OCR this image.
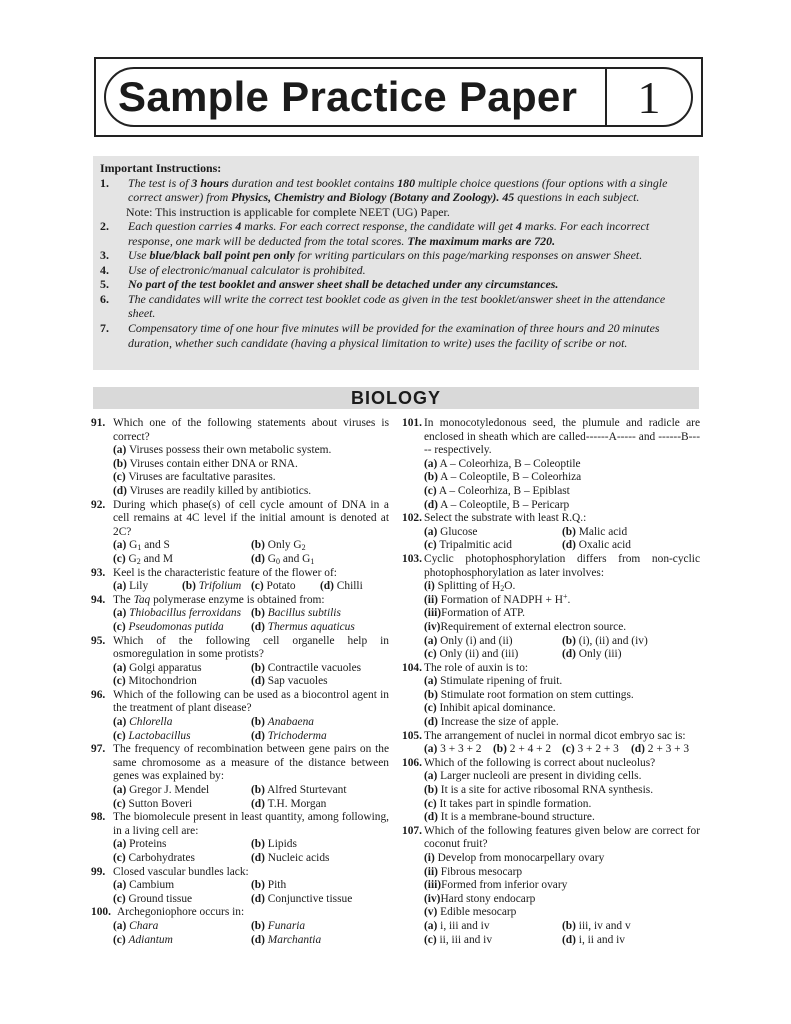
Sample Practice Paper	1
Important Instructions:
1.	The test is of 3 hours duration and test booklet contains 180 multiple choice questions (four options with a single correct answer) from Physics, Chemistry and Biology (Botany and Zoology). 45 questions in each subject.
Note: This instruction is applicable for complete NEET (UG) Paper.
2.	Each question carries 4 marks. For each correct response, the candidate will get 4 marks. For each incorrect response, one mark will be deducted from the total scores. The maximum marks are 720.
3.	Use blue/black ball point pen only for writing particulars on this page/marking responses on answer Sheet.
4.	Use of electronic/manual calculator is prohibited.
5.	No part of the test booklet and answer sheet shall be detached under any circumstances.
6.	The candidates will write the correct test booklet code as given in the test booklet/answer sheet in the attendance sheet.
7.	Compensatory time of one hour five minutes will be provided for the examination of three hours and 20 minutes duration, whether such candidate (having a physical limitation to write) uses the facility of scribe or not.
BIOLOGY
91. Which one of the following statements about viruses is correct?
(a) Viruses possess their own metabolic system.
(b) Viruses contain either DNA or RNA.
(c) Viruses are facultative parasites.
(d) Viruses are readily killed by antibiotics.
92. During which phase(s) of cell cycle amount of DNA in a cell remains at 4C level if the initial amount is denoted at 2C?
(a) $G_1$ and S	(b) Only $G_2$
(c) $G_2$ and M	(d) $G_0$ and $G_1$
93. Keel is the characteristic feature of the flower of:
(a) Lily	(b) Trifolium (c) Potato	(d) Chilli
94. The Taq polymerase enzyme is obtained from:
(a) Thiobacillus ferroxidans (b) Bacillus subtilis
(c) Pseudomonas putida	(d) Thermus aquaticus
95. Which of the following cell organelle help in osmoregulation in some protists?
(a) Golgi apparatus	(b) Contractile vacuoles
(c) Mitochondrion	(d) Sap vacuoles
96. Which of the following can be used as a biocontrol agent in the treatment of plant disease?
(a) Chlorella	(b) Anabaena
(c) Lactobacillus	(d) Trichoderma
97. The frequency of recombination between gene pairs on the same chromosome as a measure of the distance between genes was explained by:
(a) Gregor J. Mendel	(b) Alfred Sturtevant
(c) Sutton Boveri	(d) T.H. Morgan
98. The biomolecule present in least quantity, among following, in a living cell are:
(a) Proteins	(b) Lipids
(c) Carbohydrates	(d) Nucleic acids
99. Closed vascular bundles lack:
(a) Cambium	(b) Pith
(c) Ground tissue	(d) Conjunctive tissue
100. Archegoniophore occurs in:
(a) Chara	(b) Funaria
(c) Adiantum	(d) Marchantia
101. In monocotyledonous seed, the plumule and radicle are enclosed in sheath which are called------A----- and ------B----- respectively.
(a) A – Coleorhiza, B – Coleoptile
(b) A – Coleoptile, B – Coleorhiza
(c) A – Coleorhiza, B – Epiblast
(d) A – Coleoptile, B – Pericarp
102. Select the substrate with least R.Q.:
(a) Glucose	(b) Malic acid
(c) Tripalmitic acid	(d) Oxalic acid
103. Cyclic photophosphorylation differs from non-cyclic photophosphorylation as later involves:
(i) Splitting of $H_2O$.
(ii) Formation of NADPH + H+.
(iii)Formation of ATP.
(iv)Requirement of external electron source.
(a) Only (i) and (ii)	(b) (i), (ii) and (iv)
(c) Only (ii) and (iii)	(d) Only (iii)
104. The role of auxin is to:
(a) Stimulate ripening of fruit.
(b) Stimulate root formation on stem cuttings.
(c) Inhibit apical dominance.
(d) Increase the size of apple.
105. The arrangement of nuclei in normal dicot embryo sac is:
(a) 3 + 3 + 2	(b) 2 + 4 + 2 (c) 3 + 2 + 3	(d) 2 + 3 + 3
106. Which of the following is correct about nucleolus?
(a) Larger nucleoli are present in dividing cells.
(b) It is a site for active ribosomal RNA synthesis.
(c) It takes part in spindle formation.
(d) It is a membrane-bound structure.
107. Which of the following features given below are correct for coconut fruit?
(i) Develop from monocarpellary ovary
(ii) Fibrous mesocarp
(iii)Formed from inferior ovary
(iv)Hard stony endocarp
(v) Edible mesocarp
(a) i, iii and iv	(b) iii, iv and v
(c) ii, iii and iv	(d) i, ii and iv
